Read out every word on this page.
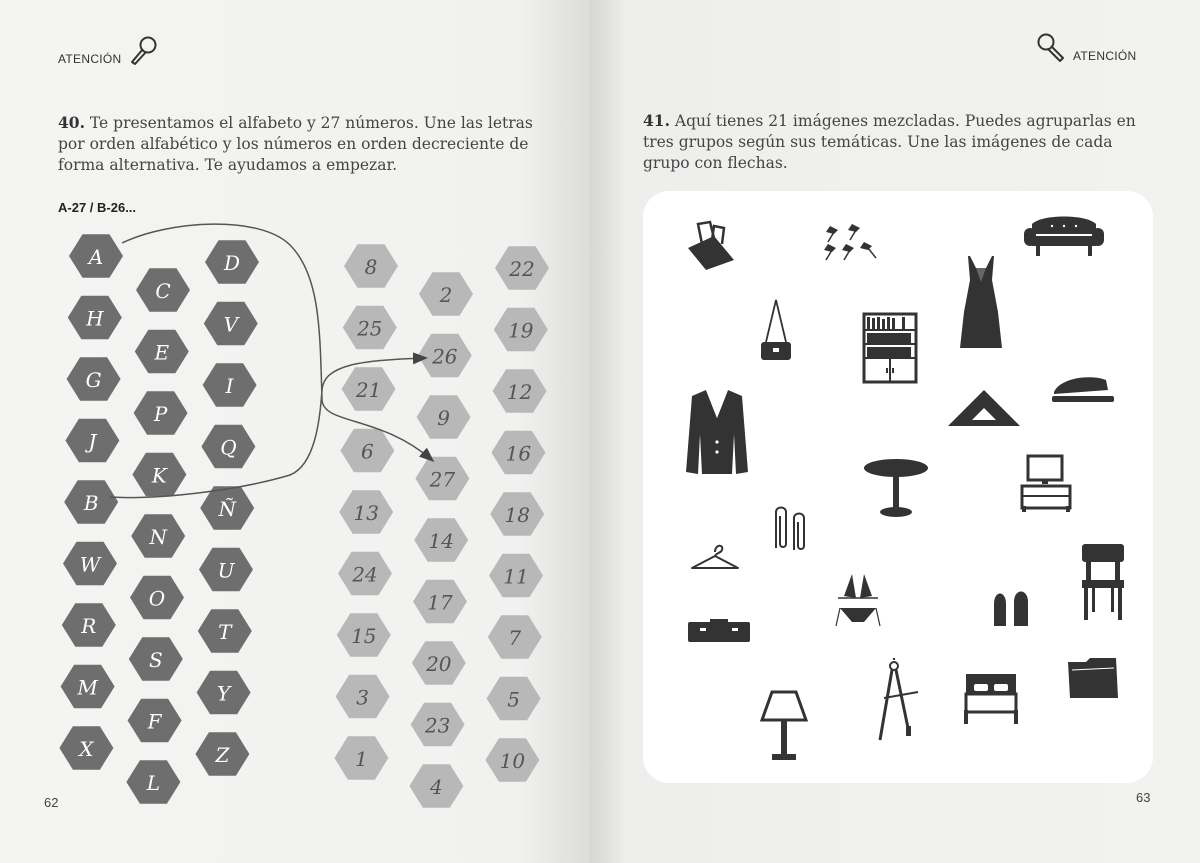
ATENCIÓN

40. Te presentamos el alfabeto y 27 números. Une las letras por orden alfabético y los números en orden decreciente de forma alternativa. Te ayudamos a empezar.

A-27 / B-26...
A
H
G
J
B
W
R
M
X
C
E
P
K
N
O
S
F
L
D
V
I
Q
Ñ
U
T
Y
Z
8
25
21
6
13
24
15
3
1
2
26
9
27
14
17
20
23
4
22
19
12
16
18
11
7
5
10
62
ATENCIÓN

41. Aquí tienes 21 imágenes mezcladas. Puedes agruparlas en tres grupos según sus temáticas. Une las imágenes de cada grupo con flechas.

63
